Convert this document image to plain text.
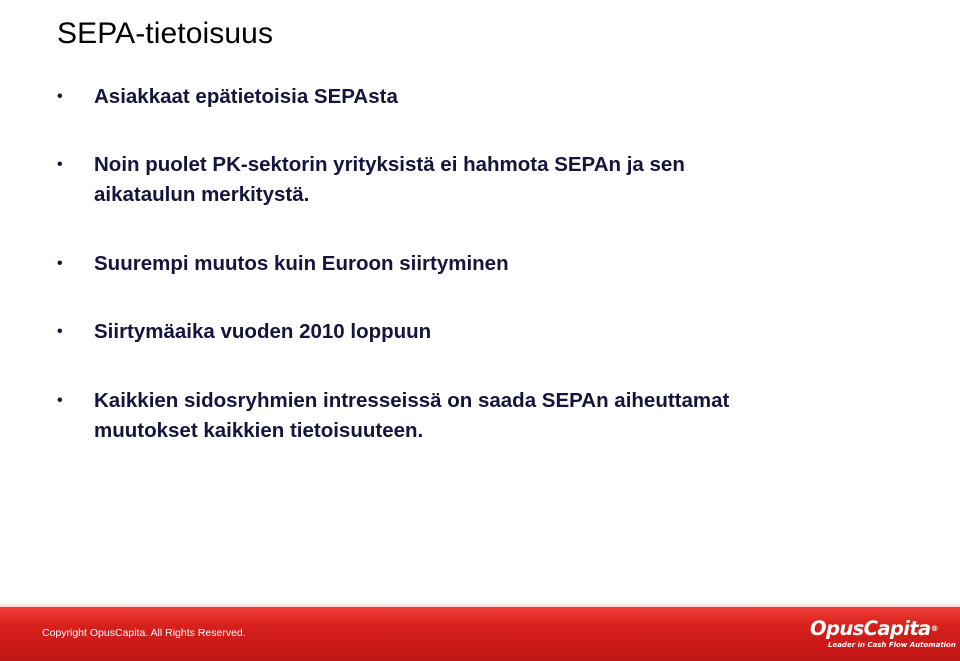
SEPA-tietoisuus
• Asiakkaat epätietoisia SEPAsta
• Noin puolet PK-sektorin yrityksistä ei hahmota SEPAn ja sen
aikataulun merkitystä.
• Suurempi muutos kuin Euroon siirtyminen
• Siirtymäaika vuoden 2010 loppuun
• Kaikkien sidosryhmien intresseissä on saada SEPAn aiheuttamat
muutokset kaikkien tietoisuuteen.
Copyright OpusCapita. All Rights Reserved.	OpusCapita®
Leader in Cash Flow Automation
